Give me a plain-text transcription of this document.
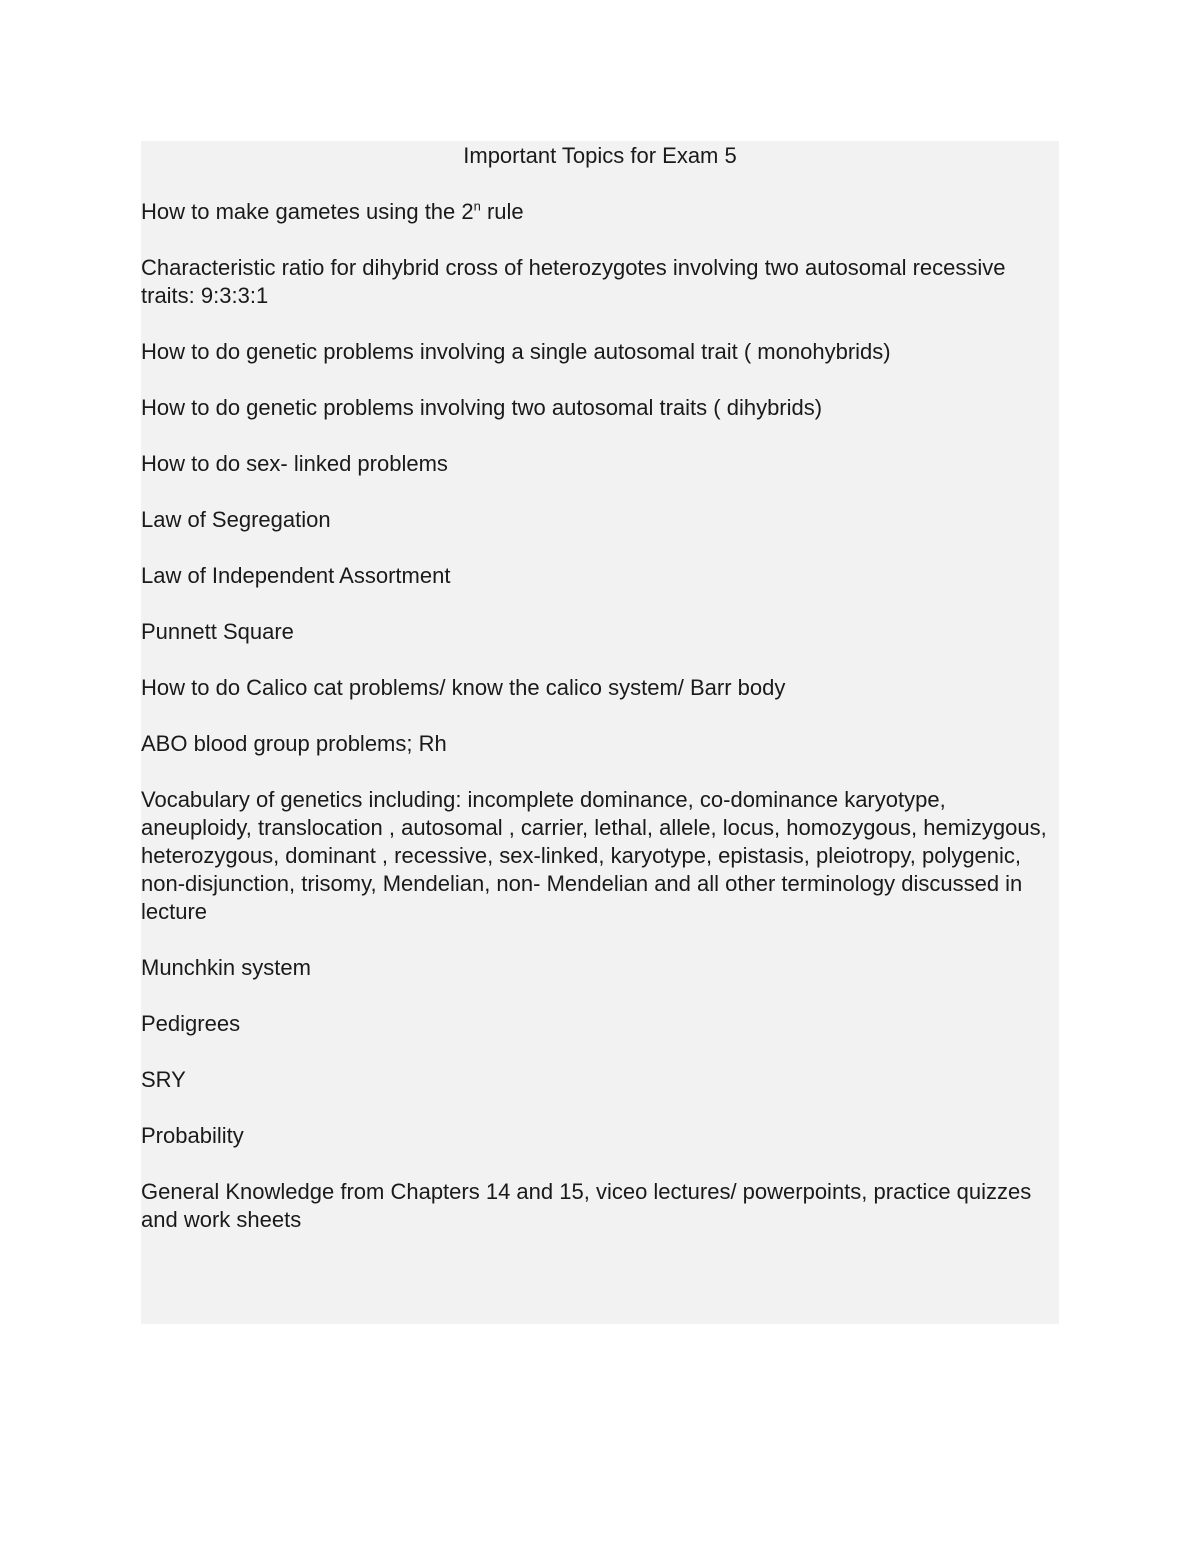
Important Topics for Exam 5
How to make gametes using the 2$^n$ rule
Characteristic ratio for dihybrid cross of heterozygotes involving two autosomal recessive traits: 9:3:3:1
How to do genetic problems involving a single autosomal trait ( monohybrids)
How to do genetic problems involving two autosomal traits ( dihybrids)
How to do sex- linked problems
Law of Segregation
Law of Independent Assortment
Punnett Square
How to do Calico cat problems/ know the calico system/ Barr body
ABO blood group problems; Rh
Vocabulary of genetics including: incomplete dominance, co-dominance karyotype, aneuploidy, translocation , autosomal , carrier, lethal, allele, locus, homozygous, hemizygous, heterozygous, dominant , recessive, sex-linked, karyotype, epistasis, pleiotropy, polygenic, non-disjunction, trisomy, Mendelian, non- Mendelian and all other terminology discussed in lecture
Munchkin system
Pedigrees
SRY
Probability
General Knowledge from Chapters 14 and 15, viceo lectures/ powerpoints, practice quizzes and work sheets
